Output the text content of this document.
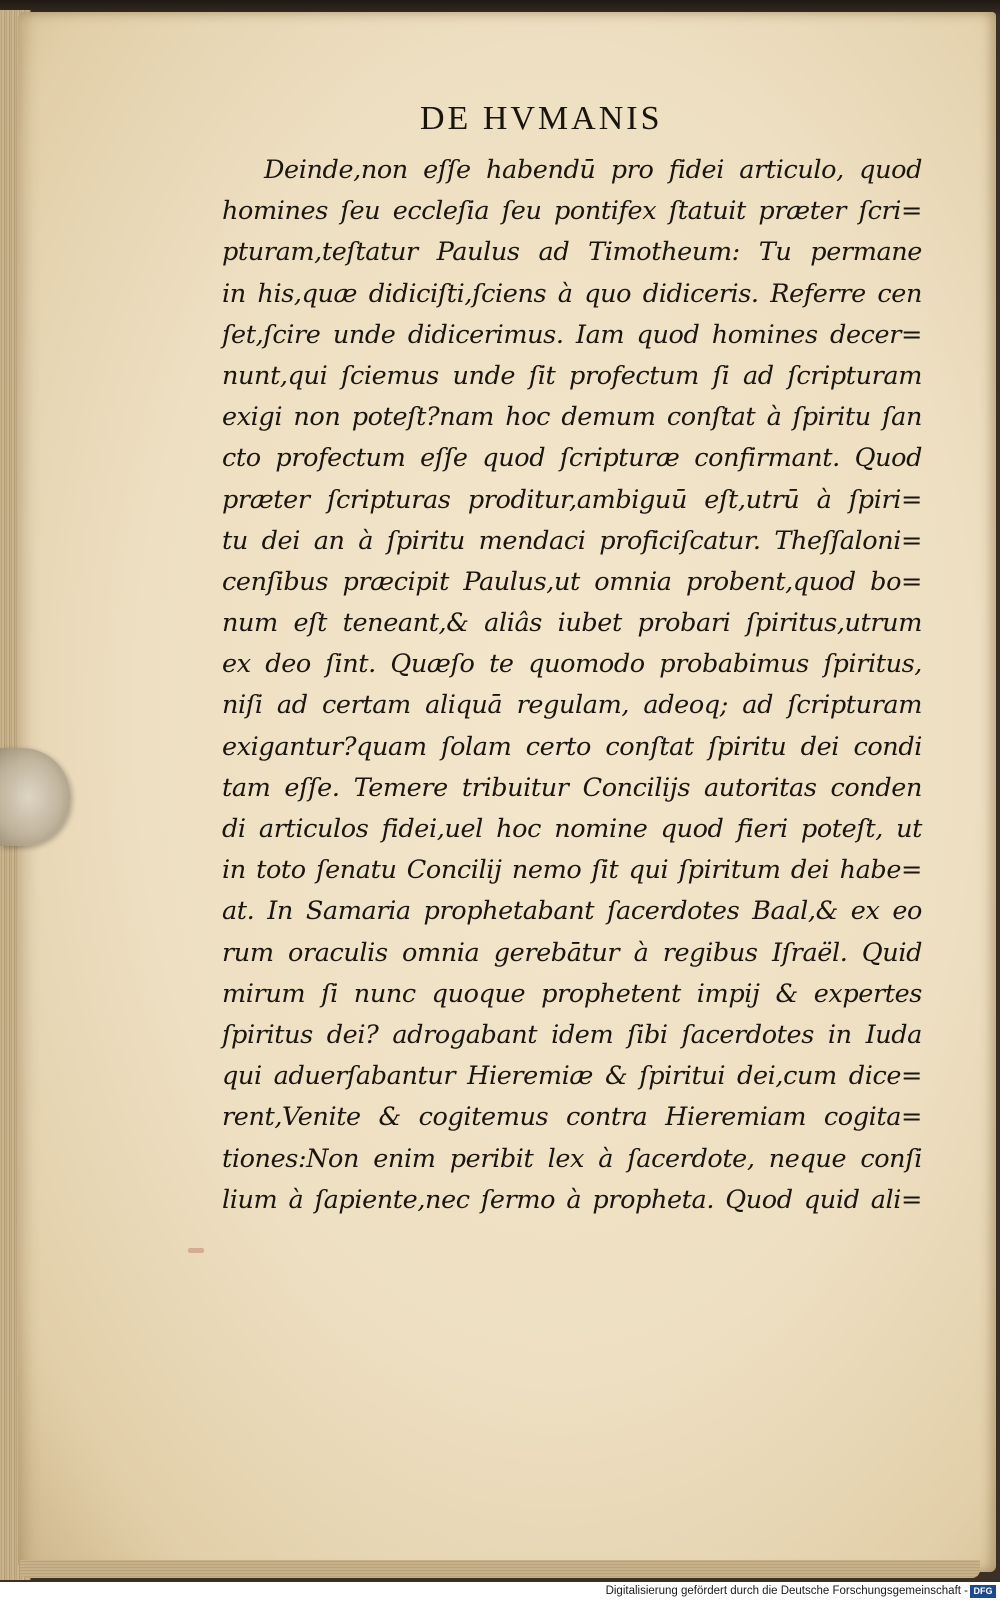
DE HVMANIS
Deinde,non eſſe habendū pro fidei articulo, quod
homines ſeu eccleſia ſeu pontifex ſtatuit præter ſcri=
pturam,teſtatur Paulus ad Timotheum: Tu permane
in his,quæ didiciſti,ſciens à quo didiceris. Referre cen
ſet,ſcire unde didicerimus. Iam quod homines decer=
nunt,qui ſciemus unde ſit profectum ſi ad ſcripturam
exigi non poteſt?nam hoc demum conſtat à ſpiritu ſan
cto profectum eſſe quod ſcripturæ confirmant. Quod
præter ſcripturas proditur,ambiguū eſt,utrū à ſpiri=
tu dei an à ſpiritu mendaci proficiſcatur. Theſſaloni=
cenſibus præcipit Paulus,ut omnia probent,quod bo=
num eſt teneant,& aliâs iubet probari ſpiritus,utrum
ex deo ſint. Quæſo te quomodo probabimus ſpiritus,
niſi ad certam aliquā regulam, adeoq; ad ſcripturam
exigantur?quam ſolam certo conſtat ſpiritu dei condi
tam eſſe. Temere tribuitur Concilijs autoritas conden
di articulos fidei,uel hoc nomine quod fieri poteſt, ut
in toto ſenatu Concilij nemo ſit qui ſpiritum dei habe=
at. In Samaria prophetabant ſacerdotes Baal,& ex eo
rum oraculis omnia gerebātur à regibus Iſraël. Quid
mirum ſi nunc quoque prophetent impij & expertes
ſpiritus dei? adrogabant idem ſibi ſacerdotes in Iuda
qui aduerſabantur Hieremiæ & ſpiritui dei,cum dice=
rent,Venite & cogitemus contra Hieremiam cogita=
tiones:Non enim peribit lex à ſacerdote, neque conſi
lium à ſapiente,nec ſermo à propheta. Quod quid ali=
Digitalisierung gefördert durch die Deutsche Forschungsgemeinschaft - DFG
